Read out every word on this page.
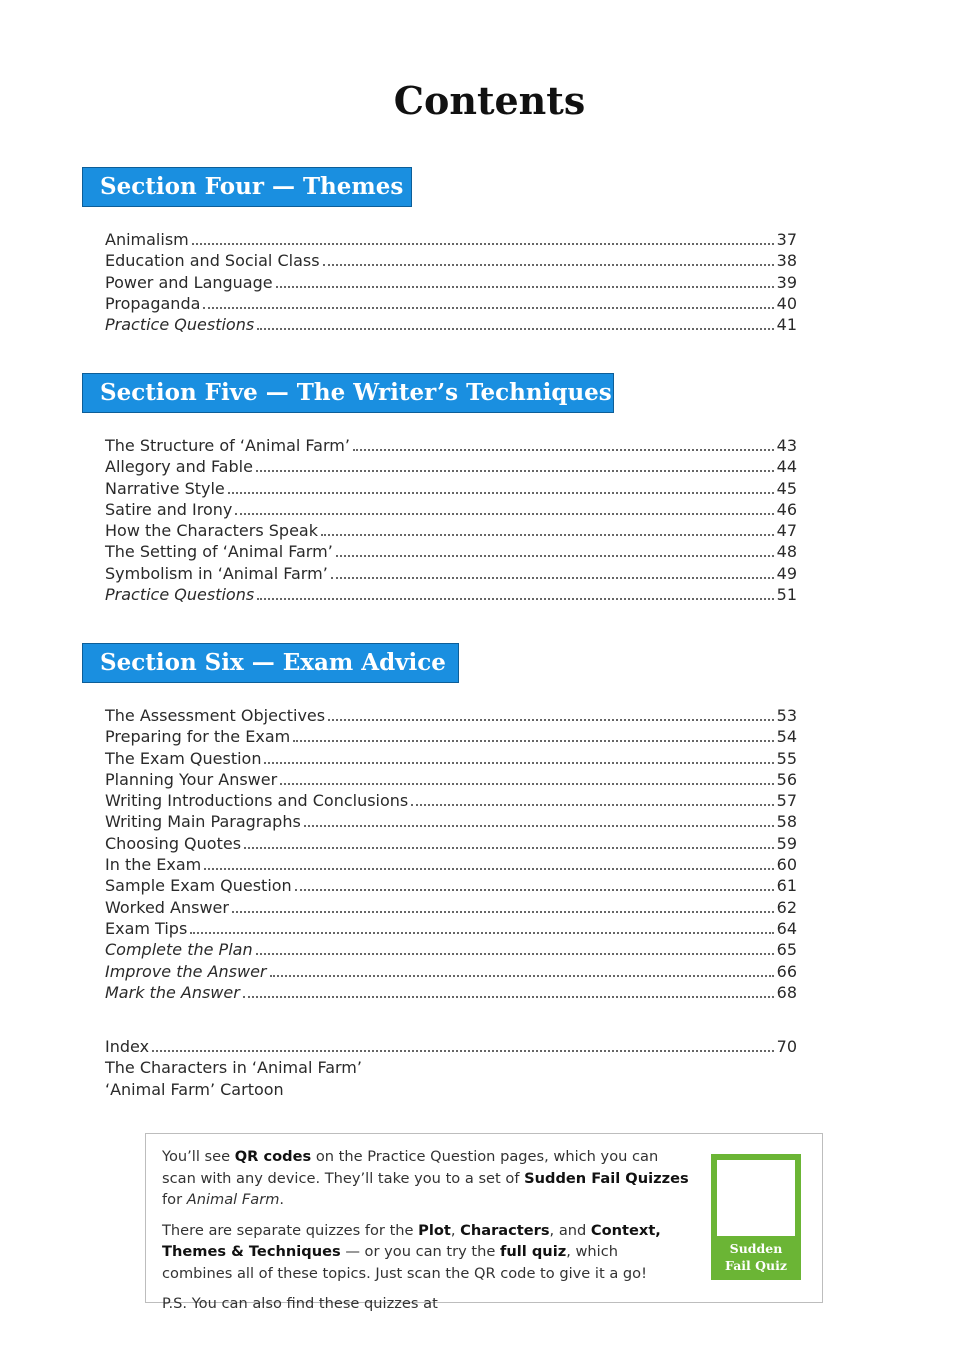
Contents
Section Four — Themes
Animalism	37
Education and Social Class	38
Power and Language	39
Propaganda	40
Practice Questions	41
Section Five — The Writer’s Techniques
The Structure of ‘Animal Farm’	43
Allegory and Fable	44
Narrative Style	45
Satire and Irony	46
How the Characters Speak	47
The Setting of ‘Animal Farm’	48
Symbolism in ‘Animal Farm’	49
Practice Questions	51
Section Six — Exam Advice
The Assessment Objectives	53
Preparing for the Exam	54
The Exam Question	55
Planning Your Answer	56
Writing Introductions and Conclusions	57
Writing Main Paragraphs	58
Choosing Quotes	59
In the Exam	60
Sample Exam Question	61
Worked Answer	62
Exam Tips	64
Complete the Plan	65
Improve the Answer	66
Mark the Answer	68
Index	70
The Characters in ‘Animal Farm’
‘Animal Farm’ Cartoon

You’ll see QR codes on the Practice Question pages, which you can scan with any device. They’ll take you to a set of Sudden Fail Quizzes for Animal Farm.

There are separate quizzes for the Plot, Characters, and Context, Themes & Techniques — or you can try the full quiz, which combines all of these topics. Just scan the QR code to give it a go!

P.S. You can also find these quizzes at

Sudden
Fail Quiz
